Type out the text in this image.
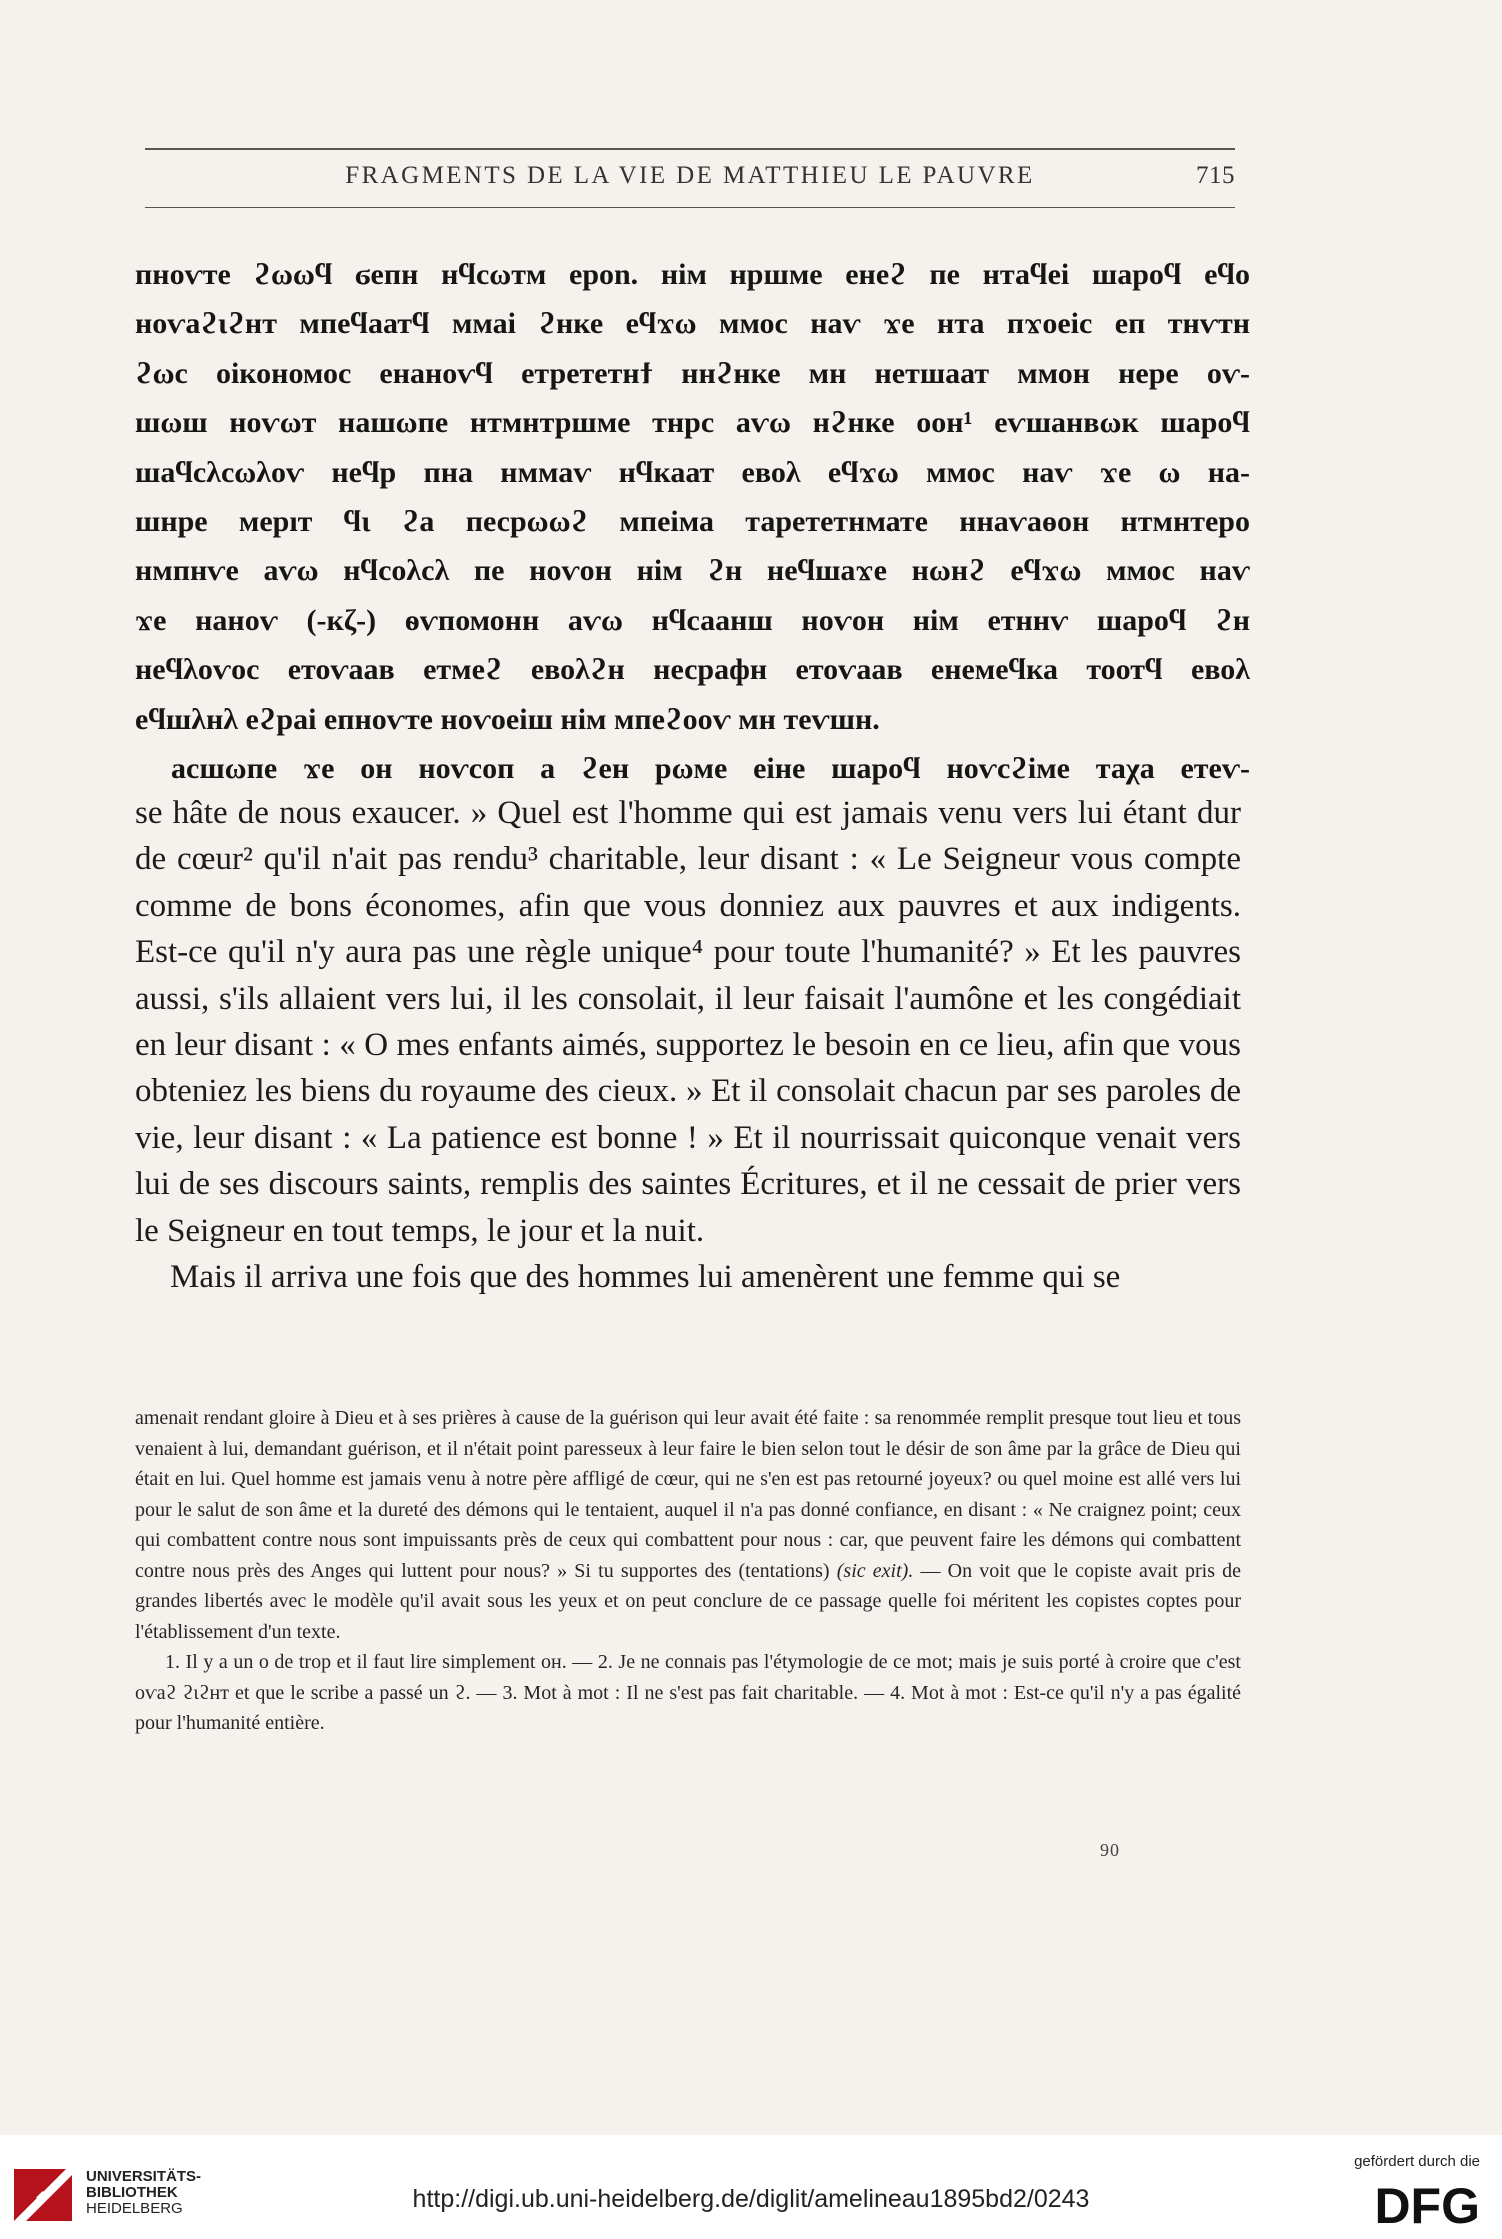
FRAGMENTS DE LA VIE DE MATTHIEU LE PAUVRE	715

пноѵте ϩωωϥ ϭепн нϥсωтм ероn. нім нршме енеϩ пе нтаϥеі шароϥ еϥо

ноѵаϩιϩнт мпеϥаатϥ ммаі ϩнке еϥϫω ммос наѵ ϫе нта пϫоеіс еп тнѵтн

ϩωс оікономос енаноѵϥ етрететнϯ ннϩнке мн нетшаат ммон нере оѵ-

шωш ноѵωт нашωпе нтмнтршме тнрс аѵω нϩнке оон¹ еѵшанвωк шароϥ

шаϥсλсωλоѵ неϥр пна нммаѵ нϥкаат евоλ еϥϫω ммос наѵ ϫе ω на-

шнре мерıт ϥι ϩа песрωωϩ мпеіма тарететнмате ннаѵаөон нтмнтеро

нмпнѵе аѵω нϥсоλсλ пе ноѵон нім ϩн неϥшаϫе нωнϩ еϥϫω ммос наѵ

ϫе наноѵ (-кζ-) ѳѵпомонн аѵω нϥсаанш ноѵон нім етннѵ шароϥ ϩн

неϥλоѵос етоѵаав етмеϩ евоλϩн несрафн етоѵаав енемеϥка тоотϥ евоλ

еϥшλнλ еϩраі епноѵте ноѵоеіш нім мпеϩооѵ мн теѵшн.

асшωпе ϫе он ноѵсоп а ϩен рωме еіне шароϥ ноѵсϩіме таχа етеѵ-

se hâte de nous exaucer. » Quel est l'homme qui est jamais venu vers lui étant dur de cœur² qu'il n'ait pas rendu³ charitable, leur disant : « Le Seigneur vous compte comme de bons économes, afin que vous donniez aux pauvres et aux indigents. Est-ce qu'il n'y aura pas une règle unique⁴ pour toute l'humanité? » Et les pauvres aussi, s'ils allaient vers lui, il les consolait, il leur faisait l'aumône et les congédiait en leur disant : « O mes enfants aimés, supportez le besoin en ce lieu, afin que vous obteniez les biens du royaume des cieux. » Et il consolait chacun par ses paroles de vie, leur disant : « La patience est bonne ! » Et il nourrissait quiconque venait vers lui de ses discours saints, remplis des saintes Écritures, et il ne cessait de prier vers le Seigneur en tout temps, le jour et la nuit.

Mais il arriva une fois que des hommes lui amenèrent une femme qui se

amenait rendant gloire à Dieu et à ses prières à cause de la guérison qui leur avait été faite : sa renommée remplit presque tout lieu et tous venaient à lui, demandant guérison, et il n'était point paresseux à leur faire le bien selon tout le désir de son âme par la grâce de Dieu qui était en lui. Quel homme est jamais venu à notre père affligé de cœur, qui ne s'en est pas retourné joyeux? ou quel moine est allé vers lui pour le salut de son âme et la dureté des démons qui le tentaient, auquel il n'a pas donné confiance, en disant : « Ne craignez point; ceux qui combattent contre nous sont impuissants près de ceux qui combattent pour nous : car, que peuvent faire les démons qui combattent contre nous près des Anges qui luttent pour nous? » Si tu supportes des (tentations) (sic exit). — On voit que le copiste avait pris de grandes libertés avec le modèle qu'il avait sous les yeux et on peut conclure de ce passage quelle foi méritent les copistes coptes pour l'établissement d'un texte.

1. Il y a un о de trop et il faut lire simplement он. — 2. Je ne connais pas l'étymologie de ce mot; mais je suis porté à croire que c'est оѵаϩ ϩιϩнт et que le scribe a passé un ϩ. — 3. Mot à mot : Il ne s'est pas fait charitable. — 4. Mot à mot : Est-ce qu'il n'y a pas égalité pour l'humanité entière.

90
UNIVERSITÄTS-
BIBLIOTHEK
HEIDELBERG	http://digi.ub.uni-heidelberg.de/diglit/amelineau1895bd2/0243
gefördert durch die
DFG
